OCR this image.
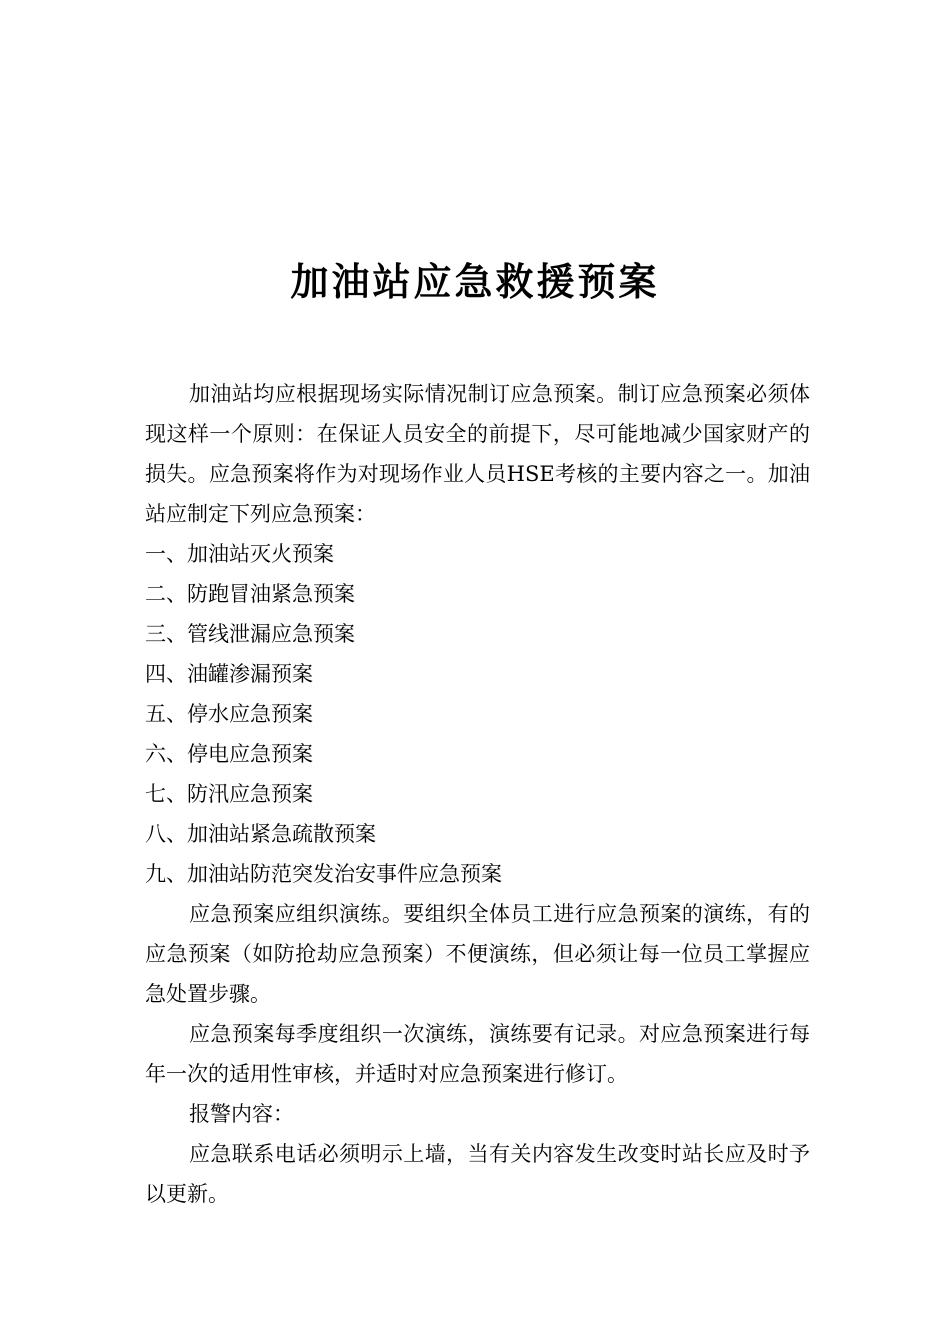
加油站应急救援预案

加油站均应根据现场实际情况制订应急预案。制订应急预案必须体现这样一个原则：在保证人员安全的前提下，尽可能地减少国家财产的损失。应急预案将作为对现场作业人员HSE考核的主要内容之一。加油站应制定下列应急预案：

一、加油站灭火预案
二、防跑冒油紧急预案
三、管线泄漏应急预案
四、油罐渗漏预案
五、停水应急预案
六、停电应急预案
七、防汛应急预案
八、加油站紧急疏散预案
九、加油站防范突发治安事件应急预案

应急预案应组织演练。要组织全体员工进行应急预案的演练，有的应急预案（如防抢劫应急预案）不便演练，但必须让每一位员工掌握应急处置步骤。

应急预案每季度组织一次演练，演练要有记录。对应急预案进行每年一次的适用性审核，并适时对应急预案进行修订。

报警内容：

应急联系电话必须明示上墙，当有关内容发生改变时站长应及时予以更新。
